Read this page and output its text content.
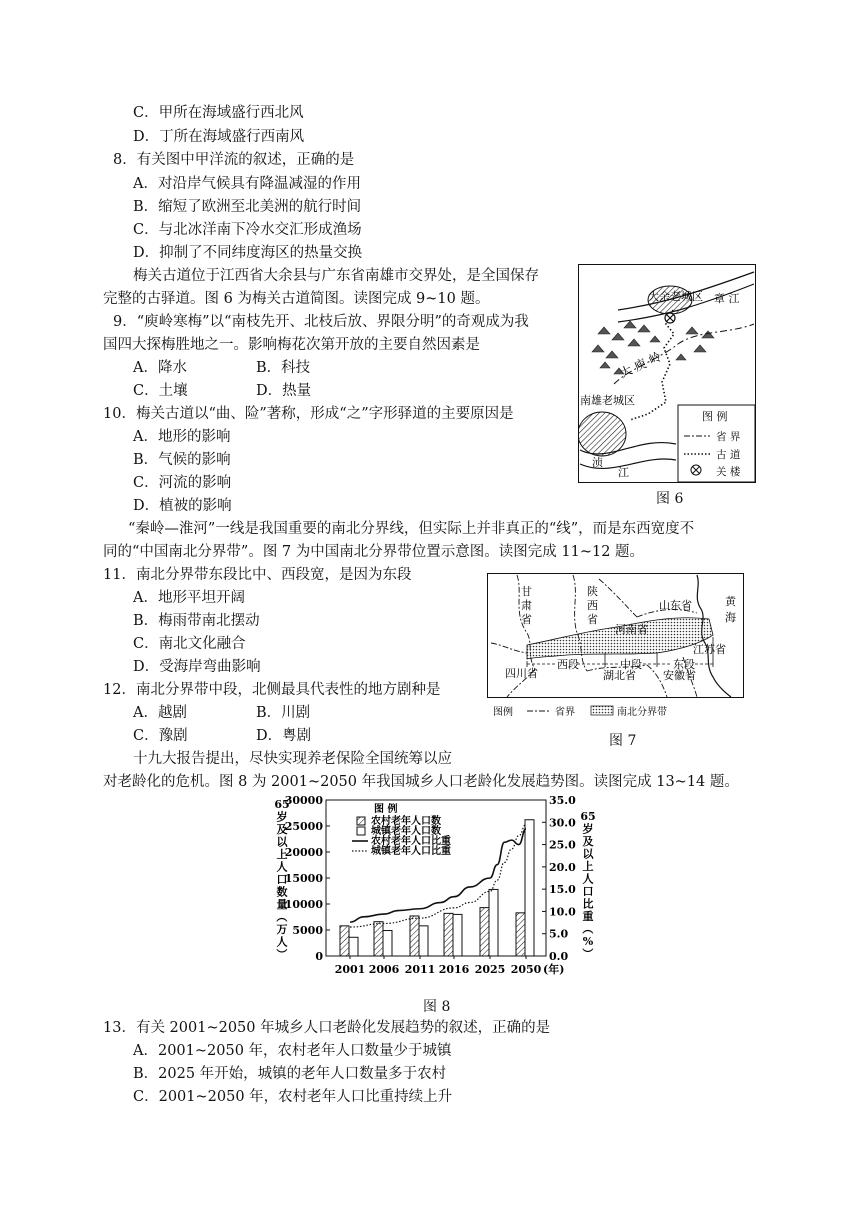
C．甲所在海域盛行西北风
D．丁所在海域盛行西南风
8．有关图中甲洋流的叙述，正确的是
A．对沿岸气候具有降温减湿的作用
B．缩短了欧洲至北美洲的航行时间
C．与北冰洋南下冷水交汇形成渔场
D．抑制了不同纬度海区的热量交换
梅关古道位于江西省大余县与广东省南雄市交界处，是全国保存
完整的古驿道。图 6 为梅关古道简图。读图完成 9~10 题。
9．“庾岭寒梅”以“南枝先开、北枝后放、界限分明”的奇观成为我
国四大探梅胜地之一。影响梅花次第开放的主要自然因素是
A．降水	B．科技
C．土壤	D．热量
10．梅关古道以“曲、险”著称，形成“之”字形驿道的主要原因是
A．地形的影响
B．气候的影响
C．河流的影响
D．植被的影响
“秦岭—淮河”一线是我国重要的南北分界线，但实际上并非真正的“线”，而是东西宽度不
同的“中国南北分界带”。图 7 为中国南北分界带位置示意图。读图完成 11~12 题。
11．南北分界带东段比中、西段宽，是因为东段
A．地形平坦开阔
B．梅雨带南北摆动
C．南北文化融合
D．受海岸弯曲影响
12．南北分界带中段，北侧最具代表性的地方剧种是
A．越剧	B．川剧
C．豫剧	D．粤剧
十九大报告提出，尽快实现养老保险全国统筹以应
对老龄化的危机。图 8 为 2001~2050 年我国城乡人口老龄化发展趋势图。读图完成 13~14 题。
13．有关 2001~2050 年城乡人口老龄化发展趋势的叙述，正确的是
A．2001~2050 年，农村老年人口数量少于城镇
B．2025 年开始，城镇的老年人口数量多于农村
C．2001~2050 年，农村老年人口比重持续上升
大余老城区 章 江
大 庾 岭
南雄老城区
浈
江
图 例
省 界
古 道
关 楼
图 6
甘
肃
省
陕
西
省
山东省
河南省
黄
海
江苏省
四川省	湖北省 安徽省
西段	中段	东段
图例	省界	南北分界带
图 7
0
5000
10000
15000
20000
25000
30000
0.0
5.0
10.0
15.0
20.0
25.0
30.0
35.0
2001 2006 2011 2016 2025 2050 (年)
图 例
农村老年人口数
城镇老年人口数
农村老年人口比重
城镇老年人口比重
65
岁
及
以
上
人
口
数
量
（
万
人
）
65
岁
及
以
上
人
口
比
重
（
%
）
图 8
